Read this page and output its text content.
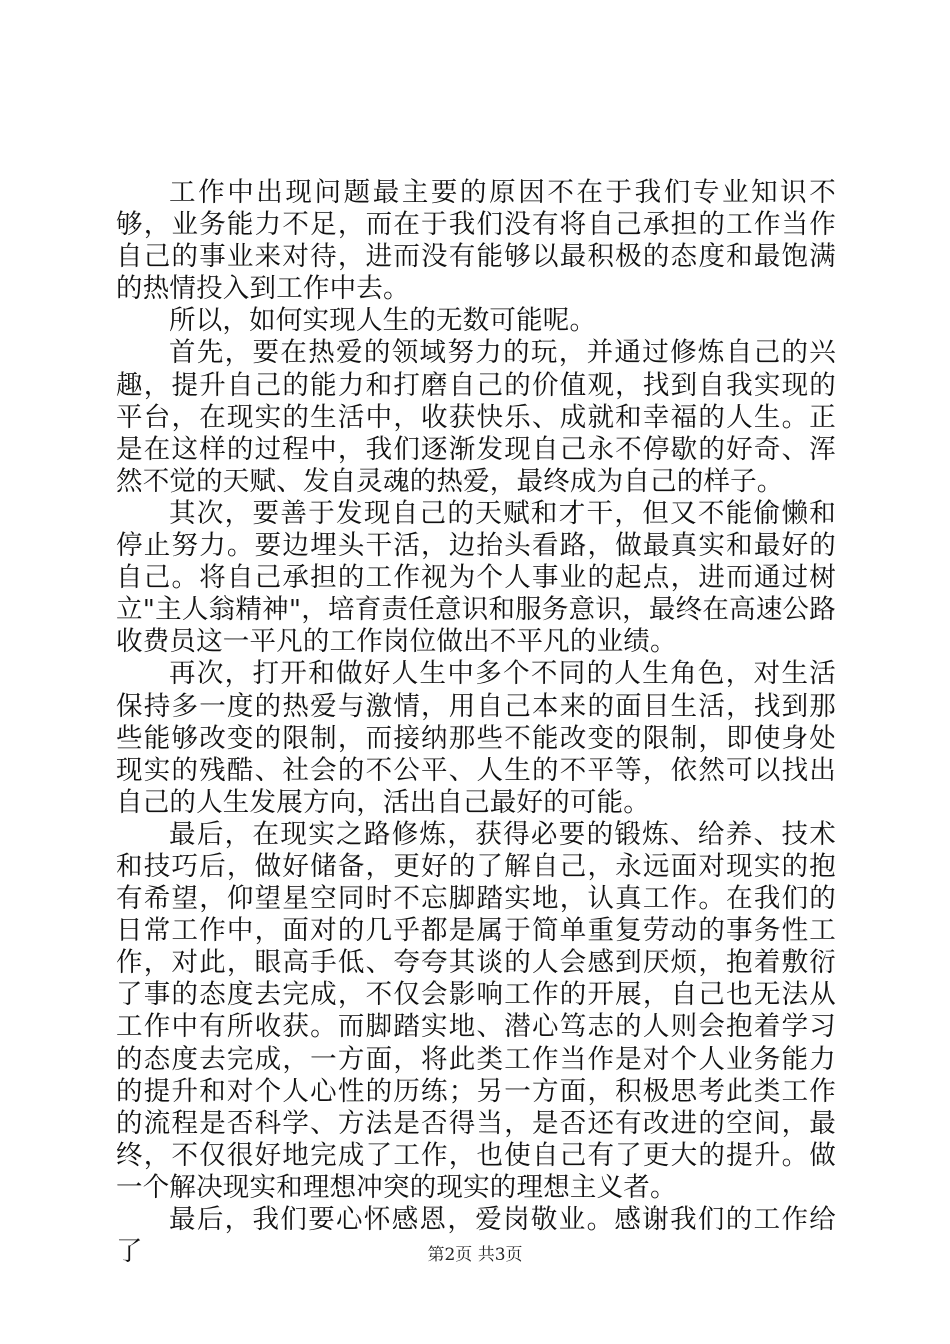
工作中出现问题最主要的原因不在于我们专业知识不够，业务能力不足，而在于我们没有将自己承担的工作当作自己的事业来对待，进而没有能够以最积极的态度和最饱满的热情投入到工作中去。

所以，如何实现人生的无数可能呢。

首先，要在热爱的领域努力的玩，并通过修炼自己的兴趣，提升自己的能力和打磨自己的价值观，找到自我实现的平台，在现实的生活中，收获快乐、成就和幸福的人生。正是在这样的过程中，我们逐渐发现自己永不停歇的好奇、浑然不觉的天赋、发自灵魂的热爱，最终成为自己的样子。

其次，要善于发现自己的天赋和才干，但又不能偷懒和停止努力。要边埋头干活，边抬头看路，做最真实和最好的自己。将自己承担的工作视为个人事业的起点，进而通过树立"主人翁精神"，培育责任意识和服务意识，最终在高速公路收费员这一平凡的工作岗位做出不平凡的业绩。

再次，打开和做好人生中多个不同的人生角色，对生活保持多一度的热爱与激情，用自己本来的面目生活，找到那些能够改变的限制，而接纳那些不能改变的限制，即使身处现实的残酷、社会的不公平、人生的不平等，依然可以找出自己的人生发展方向，活出自己最好的可能。

最后，在现实之路修炼，获得必要的锻炼、给养、技术和技巧后，做好储备，更好的了解自己，永远面对现实的抱有希望，仰望星空同时不忘脚踏实地，认真工作。在我们的日常工作中，面对的几乎都是属于简单重复劳动的事务性工作，对此，眼高手低、夸夸其谈的人会感到厌烦，抱着敷衍了事的态度去完成，不仅会影响工作的开展，自己也无法从工作中有所收获。而脚踏实地、潜心笃志的人则会抱着学习的态度去完成，一方面，将此类工作当作是对个人业务能力的提升和对个人心性的历练；另一方面，积极思考此类工作的流程是否科学、方法是否得当，是否还有改进的空间，最终，不仅很好地完成了工作，也使自己有了更大的提升。做一个解决现实和理想冲突的现实的理想主义者。

最后，我们要心怀感恩，爱岗敬业。感谢我们的工作给了	第2页 共3页
